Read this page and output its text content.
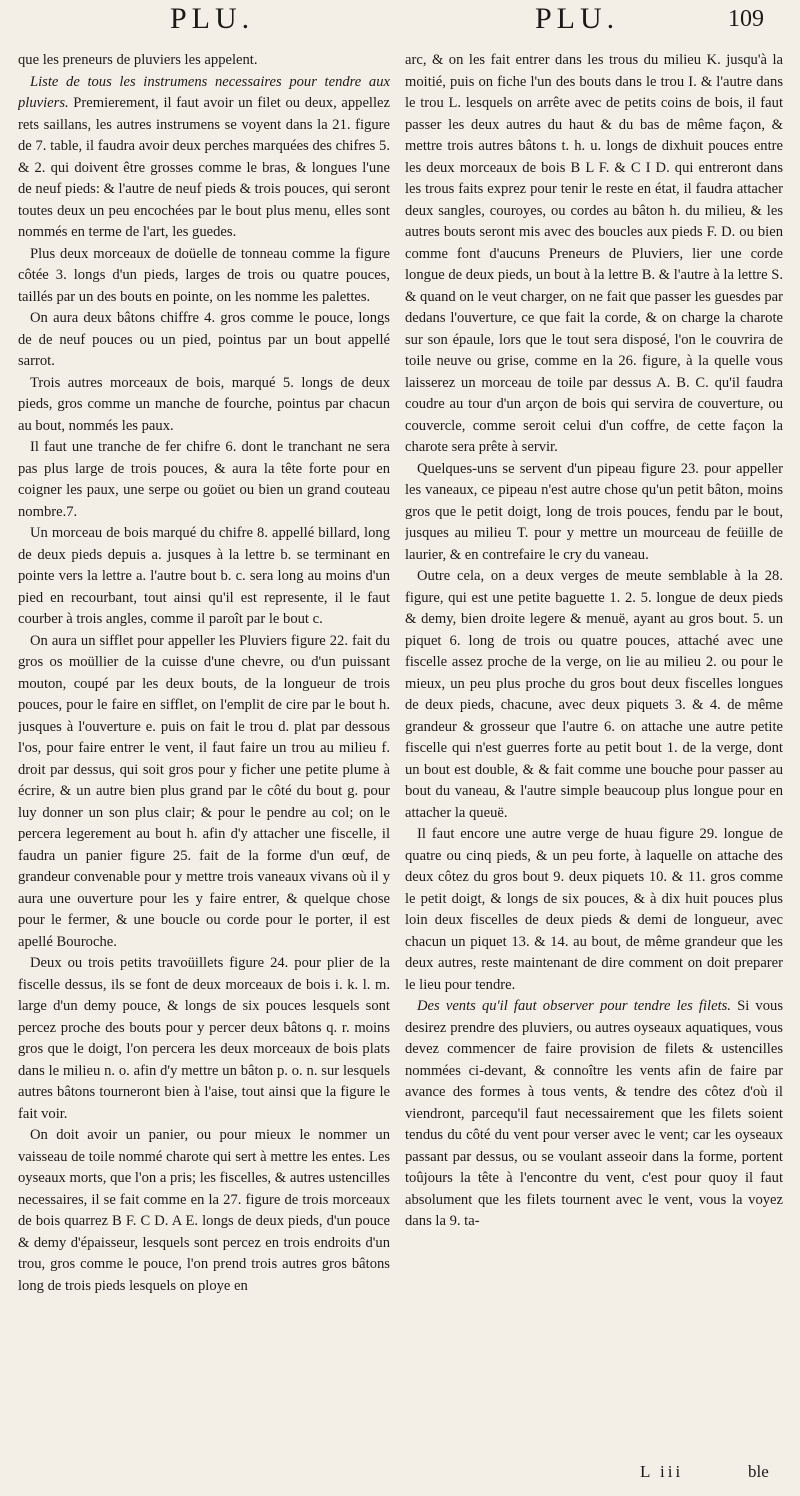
PLU.	PLU.	109

que les preneurs de pluviers les appelent.

Liste de tous les instrumens necessaires pour tendre aux pluviers. Premierement, il faut avoir un filet ou deux, appellez rets saillans, les autres instrumens se voyent dans la 21. figure de 7. table, il faudra avoir deux perches marquées des chifres 5. & 2. qui doivent être grosses comme le bras, & longues l'une de neuf pieds: & l'autre de neuf pieds & trois pouces, qui seront toutes deux un peu encochées par le bout plus menu, elles sont nommés en terme de l'art, les guedes.

Plus deux morceaux de doüelle de tonneau comme la figure côtée 3. longs d'un pieds, larges de trois ou quatre pouces, taillés par un des bouts en pointe, on les nomme les palettes.

On aura deux bâtons chiffre 4. gros comme le pouce, longs de de neuf pouces ou un pied, pointus par un bout appellé sarrot.

Trois autres morceaux de bois, marqué 5. longs de deux pieds, gros comme un manche de fourche, pointus par chacun au bout, nommés les paux.

Il faut une tranche de fer chifre 6. dont le tranchant ne sera pas plus large de trois pouces, & aura la tête forte pour en coigner les paux, une serpe ou goüet ou bien un grand couteau nombre.7.

Un morceau de bois marqué du chifre 8. appellé billard, long de deux pieds depuis a. jusques à la lettre b. se terminant en pointe vers la lettre a. l'autre bout b. c. sera long au moins d'un pied en recourbant, tout ainsi qu'il est represente, il le faut courber à trois angles, comme il paroît par le bout c.

On aura un sifflet pour appeller les Pluviers figure 22. fait du gros os moüllier de la cuisse d'une chevre, ou d'un puissant mouton, coupé par les deux bouts, de la longueur de trois pouces, pour le faire en sifflet, on l'emplit de cire par le bout h. jusques à l'ouverture e. puis on fait le trou d. plat par dessous l'os, pour faire entrer le vent, il faut faire un trou au milieu f. droit par dessus, qui soit gros pour y ficher une petite plume à écrire, & un autre bien plus grand par le côté du bout g. pour luy donner un son plus clair; & pour le pendre au col; on le percera legerement au bout h. afin d'y attacher une fiscelle, il faudra un panier figure 25. fait de la forme d'un œuf, de grandeur convenable pour y mettre trois vaneaux vivans où il y aura une ouverture pour les y faire entrer, & quelque chose pour le fermer, & une boucle ou corde pour le porter, il est apellé Bouroche.

Deux ou trois petits travoüillets figure 24. pour plier de la fiscelle dessus, ils se font de deux morceaux de bois i. k. l. m. large d'un demy pouce, & longs de six pouces lesquels sont percez proche des bouts pour y percer deux bâtons q. r. moins gros que le doigt, l'on percera les deux morceaux de bois plats dans le milieu n. o. afin d'y mettre un bâton p. o. n. sur lesquels autres bâtons tourneront bien à l'aise, tout ainsi que la figure le fait voir.

On doit avoir un panier, ou pour mieux le nommer un vaisseau de toile nommé charote qui sert à mettre les entes. Les oyseaux morts, que l'on a pris; les fiscelles, & autres ustencilles necessaires, il se fait comme en la 27. figure de trois morceaux de bois quarrez B F. C D. A E. longs de deux pieds, d'un pouce & demy d'épaisseur, lesquels sont percez en trois endroits d'un trou, gros comme le pouce, l'on prend trois autres gros bâtons long de trois pieds lesquels on ploye en

arc, & on les fait entrer dans les trous du milieu K. jusqu'à la moitié, puis on fiche l'un des bouts dans le trou I. & l'autre dans le trou L. lesquels on arrête avec de petits coins de bois, il faut passer les deux autres du haut & du bas de même façon, & mettre trois autres bâtons t. h. u. longs de dixhuit pouces entre les deux morceaux de bois B L F. & C I D. qui entreront dans les trous faits exprez pour tenir le reste en état, il faudra attacher deux sangles, couroyes, ou cordes au bâton h. du milieu, & les autres bouts seront mis avec des boucles aux pieds F. D. ou bien comme font d'aucuns Preneurs de Pluviers, lier une corde longue de deux pieds, un bout à la lettre B. & l'autre à la lettre S. & quand on le veut charger, on ne fait que passer les guesdes par dedans l'ouverture, ce que fait la corde, & on charge la charote sur son épaule, lors que le tout sera disposé, l'on le couvrira de toile neuve ou grise, comme en la 26. figure, à la quelle vous laisserez un morceau de toile par dessus A. B. C. qu'il faudra coudre au tour d'un arçon de bois qui servira de couverture, ou couvercle, comme seroit celui d'un coffre, de cette façon la charote sera prête à servir.

Quelques-uns se servent d'un pipeau figure 23. pour appeller les vaneaux, ce pipeau n'est autre chose qu'un petit bâton, moins gros que le petit doigt, long de trois pouces, fendu par le bout, jusques au milieu T. pour y mettre un mourceau de feüille de laurier, & en contrefaire le cry du vaneau.

Outre cela, on a deux verges de meute semblable à la 28. figure, qui est une petite baguette 1. 2. 5. longue de deux pieds & demy, bien droite legere & menuë, ayant au gros bout. 5. un piquet 6. long de trois ou quatre pouces, attaché avec une fiscelle assez proche de la verge, on lie au milieu 2. ou pour le mieux, un peu plus proche du gros bout deux fiscelles longues de deux pieds, chacune, avec deux piquets 3. & 4. de même grandeur & grosseur que l'autre 6. on attache une autre petite fiscelle qui n'est guerres forte au petit bout 1. de la verge, dont un bout est double, & & fait comme une bouche pour passer au bout du vaneau, & l'autre simple beaucoup plus longue pour en attacher la queuë.

Il faut encore une autre verge de huau figure 29. longue de quatre ou cinq pieds, & un peu forte, à laquelle on attache des deux côtez du gros bout 9. deux piquets 10. & 11. gros comme le petit doigt, & longs de six pouces, & à dix huit pouces plus loin deux fiscelles de deux pieds & demi de longueur, avec chacun un piquet 13. & 14. au bout, de même grandeur que les deux autres, reste maintenant de dire comment on doit preparer le lieu pour tendre.

Des vents qu'il faut observer pour tendre les filets. Si vous desirez prendre des pluviers, ou autres oyseaux aquatiques, vous devez commencer de faire provision de filets & ustencilles nommées ci-devant, & connoître les vents afin de faire par avance des formes à tous vents, & tendre des côtez d'où il viendront, parcequ'il faut necessairement que les filets soient tendus du côté du vent pour verser avec le vent; car les oyseaux passant par dessus, ou se voulant asseoir dans la forme, portent toûjours la tête à l'encontre du vent, c'est pour quoy il faut absolument que les filets tournent avec le vent, vous la voyez dans la 9. ta-

L iii	ble
